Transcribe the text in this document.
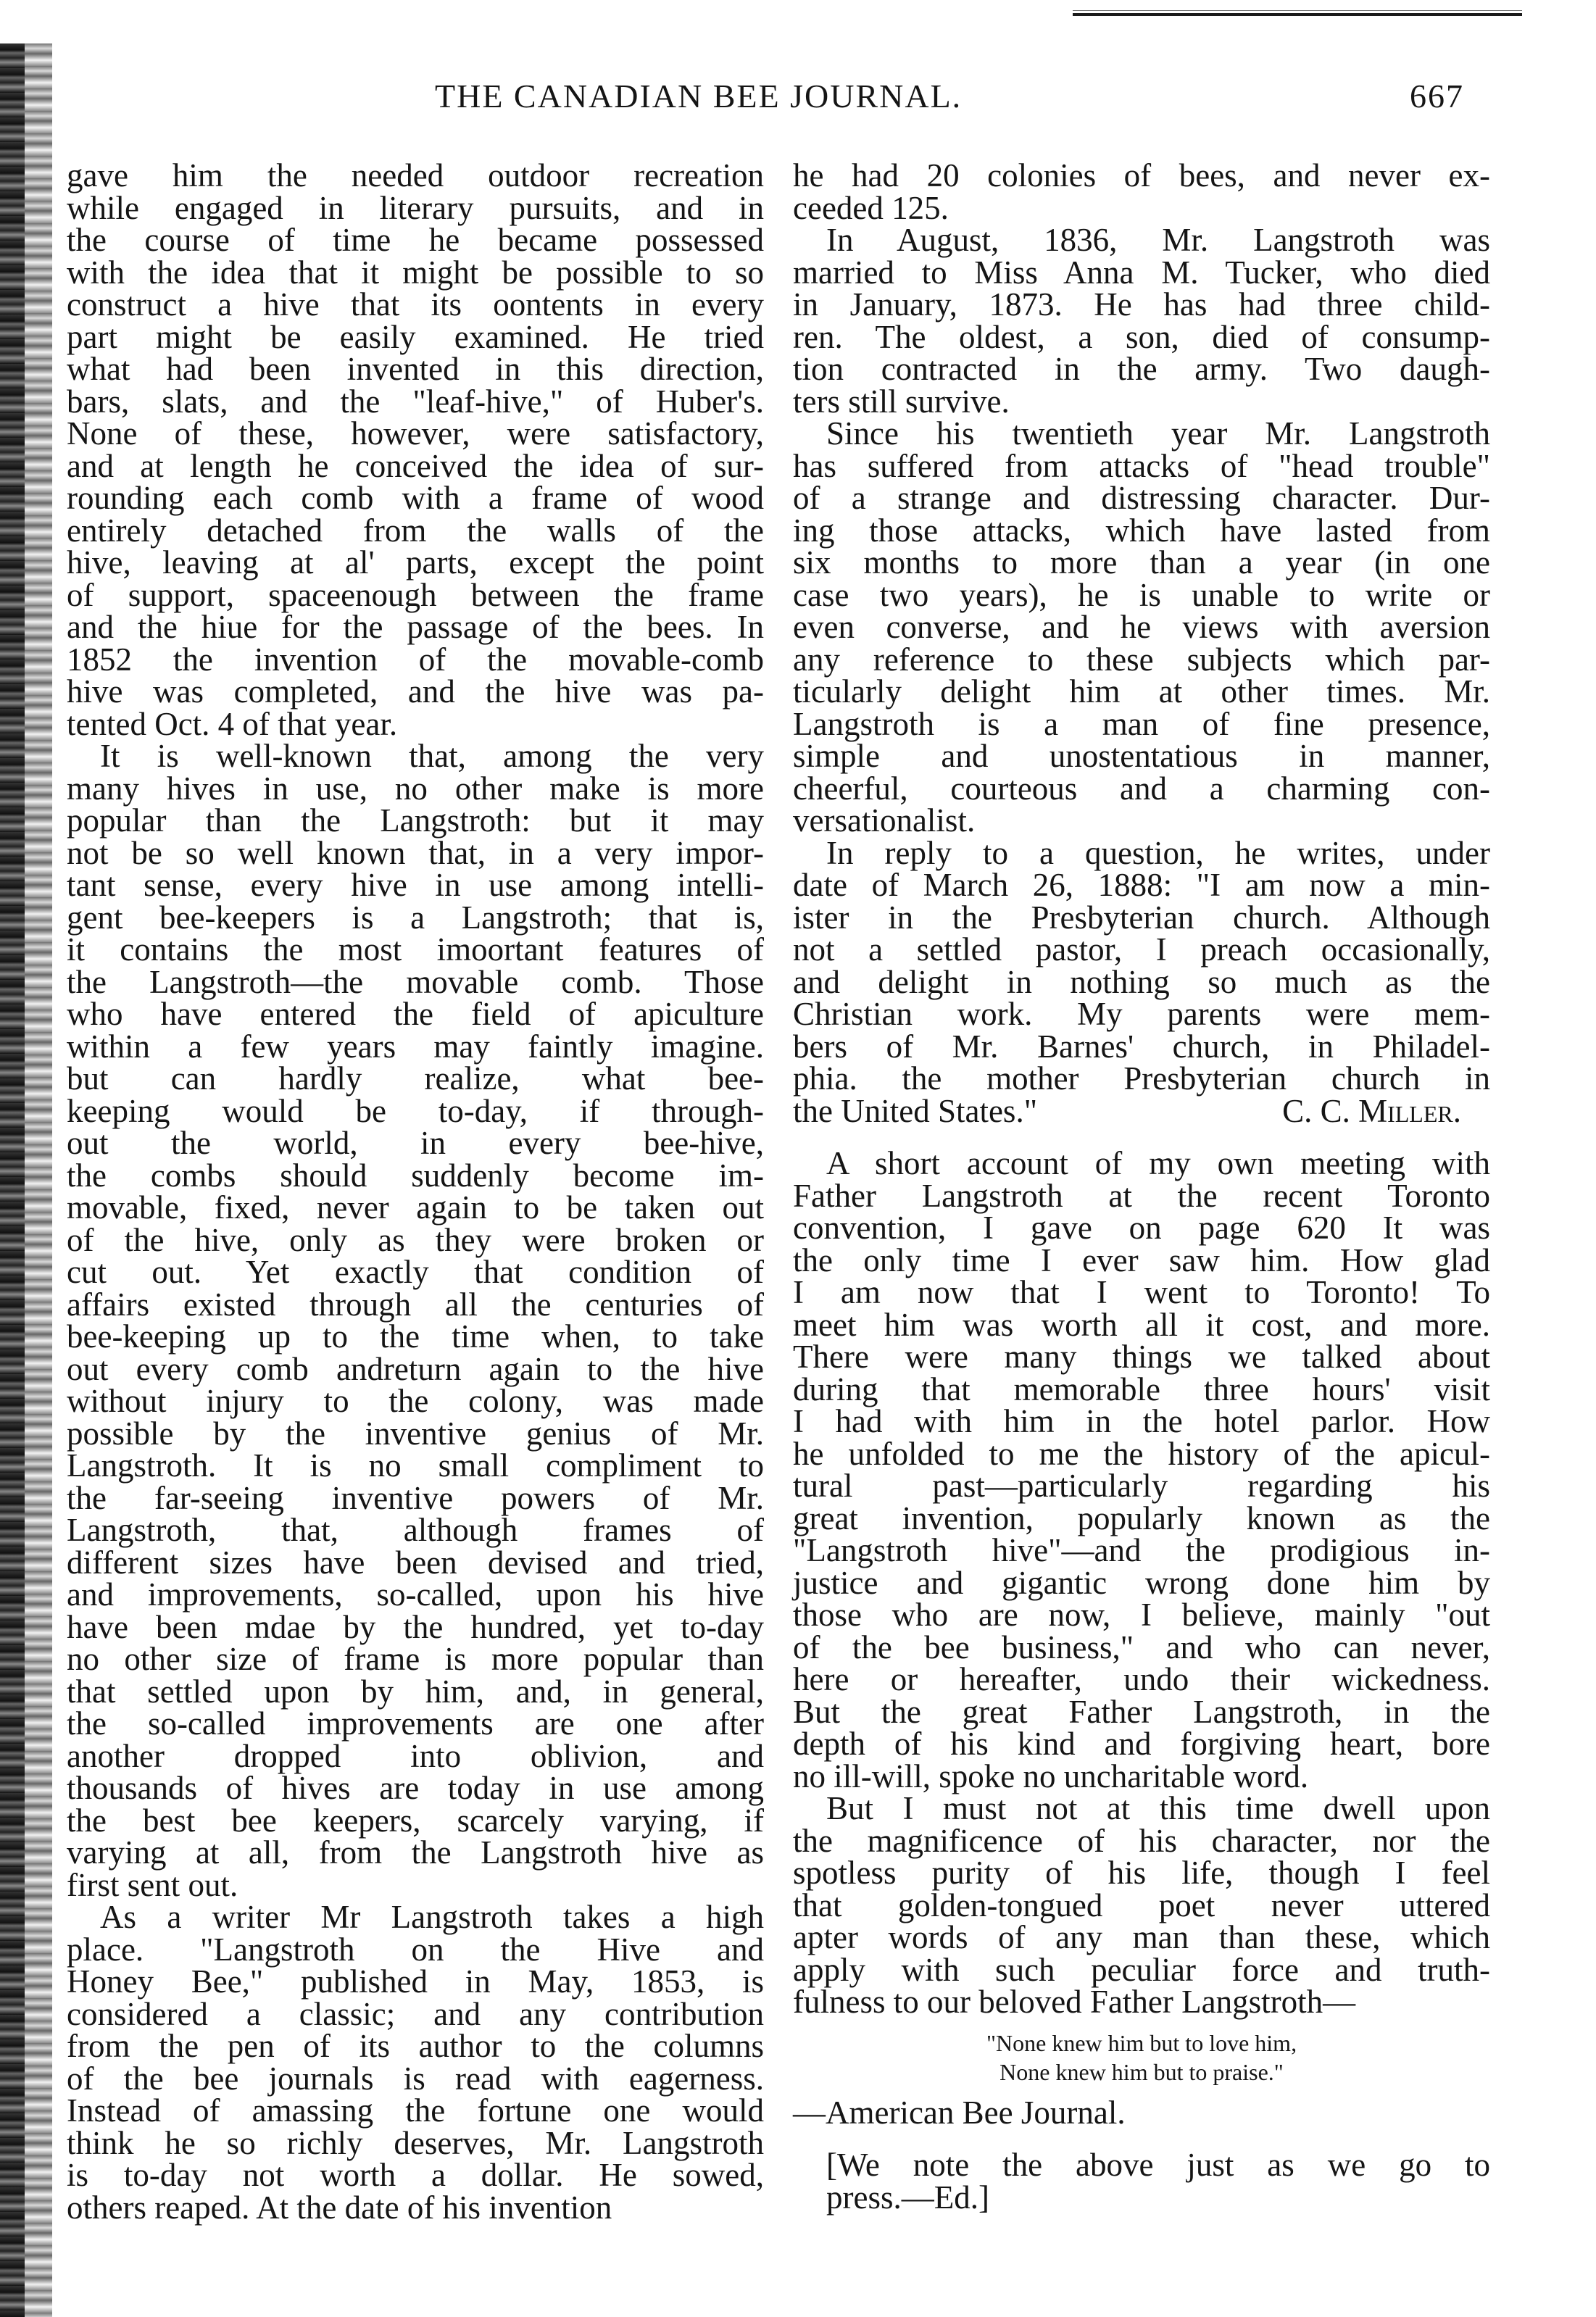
THE CANADIAN BEE JOURNAL.	667
gave him the needed outdoor recreation
while engaged in literary pursuits, and in
the course of time he became possessed
with the idea that it might be possible to so
construct a hive that its oontents in every
part might be easily examined. He tried
what had been invented in this direction,
bars, slats, and the "leaf-hive," of Huber's.
None of these, however, were satisfactory,
and at length he conceived the idea of sur-
rounding each comb with a frame of wood
entirely detached from the walls of the
hive, leaving at al' parts, except the point
of support, spaceenough between the frame
and the hiue for the passage of the bees. In
1852 the invention of the movable-comb
hive was completed, and the hive was pa-
tented Oct. 4 of that year.
It is well-known that, among the very
many hives in use, no other make is more
popular than the Langstroth: but it may
not be so well known that, in a very impor-
tant sense, every hive in use among intelli-
gent bee-keepers is a Langstroth; that is,
it contains the most imoortant features of
the Langstroth—the movable comb. Those
who have entered the field of apiculture
within a few years may faintly imagine.
but can hardly realize, what bee-
keeping would be to-day, if through-
out the world, in every bee-hive,
the combs should suddenly become im-
movable, fixed, never again to be taken out
of the hive, only as they were broken or
cut out. Yet exactly that condition of
affairs existed through all the centuries of
bee-keeping up to the time when, to take
out every comb andreturn again to the hive
without injury to the colony, was made
possible by the inventive genius of Mr.
Langstroth. It is no small compliment to
the far-seeing inventive powers of Mr.
Langstroth, that, although frames of
different sizes have been devised and tried,
and improvements, so-called, upon his hive
have been mdae by the hundred, yet to-day
no other size of frame is more popular than
that settled upon by him, and, in general,
the so-called improvements are one after
another dropped into oblivion, and
thousands of hives are today in use among
the best bee keepers, scarcely varying, if
varying at all, from the Langstroth hive as
first sent out.
As a writer Mr Langstroth takes a high
place. "Langstroth on the Hive and
Honey Bee," published in May, 1853, is
considered a classic; and any contribution
from the pen of its author to the columns
of the bee journals is read with eagerness.
Instead of amassing the fortune one would
think he so richly deserves, Mr. Langstroth
is to-day not worth a dollar. He sowed,
others reaped. At the date of his invention
he had 20 colonies of bees, and never ex-
ceeded 125.
In August, 1836, Mr. Langstroth was
married to Miss Anna M. Tucker, who died
in January, 1873. He has had three child-
ren. The oldest, a son, died of consump-
tion contracted in the army. Two daugh-
ters still survive.
Since his twentieth year Mr. Langstroth
has suffered from attacks of "head trouble"
of a strange and distressing character. Dur-
ing those attacks, which have lasted from
six months to more than a year (in one
case two years), he is unable to write or
even converse, and he views with aversion
any reference to these subjects which par-
ticularly delight him at other times. Mr.
Langstroth is a man of fine presence,
simple and unostentatious in manner,
cheerful, courteous and a charming con-
versationalist.
In reply to a question, he writes, under
date of March 26, 1888: "I am now a min-
ister in the Presbyterian church. Although
not a settled pastor, I preach occasionally,
and delight in nothing so much as the
Christian work. My parents were mem-
bers of Mr. Barnes' church, in Philadel-
phia. the mother Presbyterian church in
the United States."	C. C. Miller.
A short account of my own meeting with
Father Langstroth at the recent Toronto
convention, I gave on page 620 It was
the only time I ever saw him. How glad
I am now that I went to Toronto! To
meet him was worth all it cost, and more.
There were many things we talked about
during that memorable three hours' visit
I had with him in the hotel parlor. How
he unfolded to me the history of the apicul-
tural past—particularly regarding his
great invention, popularly known as the
"Langstroth hive"—and the prodigious in-
justice and gigantic wrong done him by
those who are now, I believe, mainly "out
of the bee business," and who can never,
here or hereafter, undo their wickedness.
But the great Father Langstroth, in the
depth of his kind and forgiving heart, bore
no ill-will, spoke no uncharitable word.
But I must not at this time dwell upon
the magnificence of his character, nor the
spotless purity of his life, though I feel
that golden-tongued poet never uttered
apter words of any man than these, which
apply with such peculiar force and truth-
fulness to our beloved Father Langstroth—
"None knew him but to love him,
None knew him but to praise."
—American Bee Journal.
[We note the above just as we go to
press.—Ed.]
